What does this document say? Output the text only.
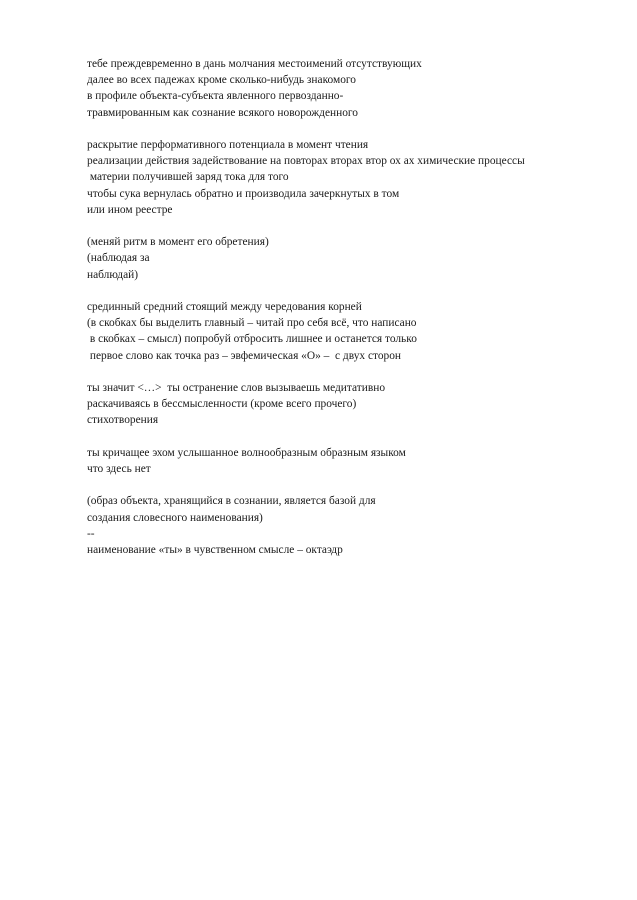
тебе преждевременно в дань молчания местоимений отсутствующих
далее во всех падежах кроме сколько-нибудь знакомого
в профиле объекта-субъекта явленного первозданно-
травмированным как сознание всякого новорожденного
раскрытие перформативного потенциала в момент чтения
реализации действия задействование на повторах вторах втор ох ах химические процессы
материи получившей заряд тока для того
чтобы сука вернулась обратно и производила зачеркнутых в том
или ином реестре
(меняй ритм в момент его обретения)
(наблюдая за
наблюдай)
срединный средний стоящий между чередования корней
(в скобках бы выделить главный – читай про себя всё, что написано
в скобках – смысл) попробуй отбросить лишнее и останется только
первое слово как точка раз – эвфемическая «О» –  с двух сторон
ты значит <…>  ты остранение слов вызываешь медитативно
раскачиваясь в бессмысленности (кроме всего прочего)
стихотворения
ты кричащее эхом услышанное волнообразным образным языком
что здесь нет
(образ объекта, хранящийся в сознании, является базой для
создания словесного наименования)
--
наименование «ты» в чувственном смысле – октаэдр
